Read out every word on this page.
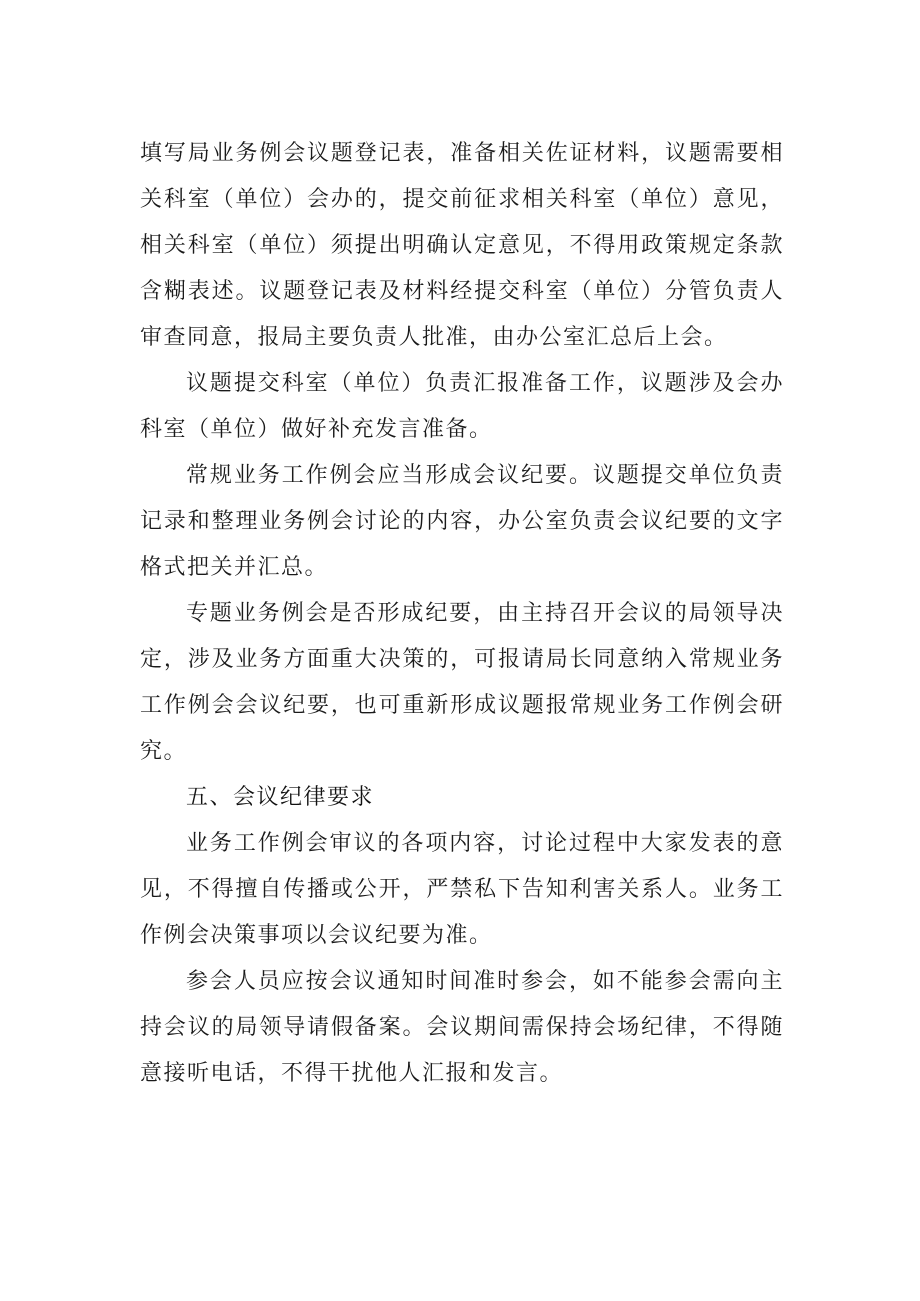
填写局业务例会议题登记表，准备相关佐证材料，议题需要相关科室（单位）会办的，提交前征求相关科室（单位）意见，相关科室（单位）须提出明确认定意见，不得用政策规定条款含糊表述。议题登记表及材料经提交科室（单位）分管负责人审查同意，报局主要负责人批准，由办公室汇总后上会。

议题提交科室（单位）负责汇报准备工作，议题涉及会办科室（单位）做好补充发言准备。

常规业务工作例会应当形成会议纪要。议题提交单位负责记录和整理业务例会讨论的内容，办公室负责会议纪要的文字格式把关并汇总。

专题业务例会是否形成纪要，由主持召开会议的局领导决定，涉及业务方面重大决策的，可报请局长同意纳入常规业务工作例会会议纪要，也可重新形成议题报常规业务工作例会研究。

五、会议纪律要求

业务工作例会审议的各项内容，讨论过程中大家发表的意见，不得擅自传播或公开，严禁私下告知利害关系人。业务工作例会决策事项以会议纪要为准。

参会人员应按会议通知时间准时参会，如不能参会需向主持会议的局领导请假备案。会议期间需保持会场纪律，不得随意接听电话，不得干扰他人汇报和发言。
